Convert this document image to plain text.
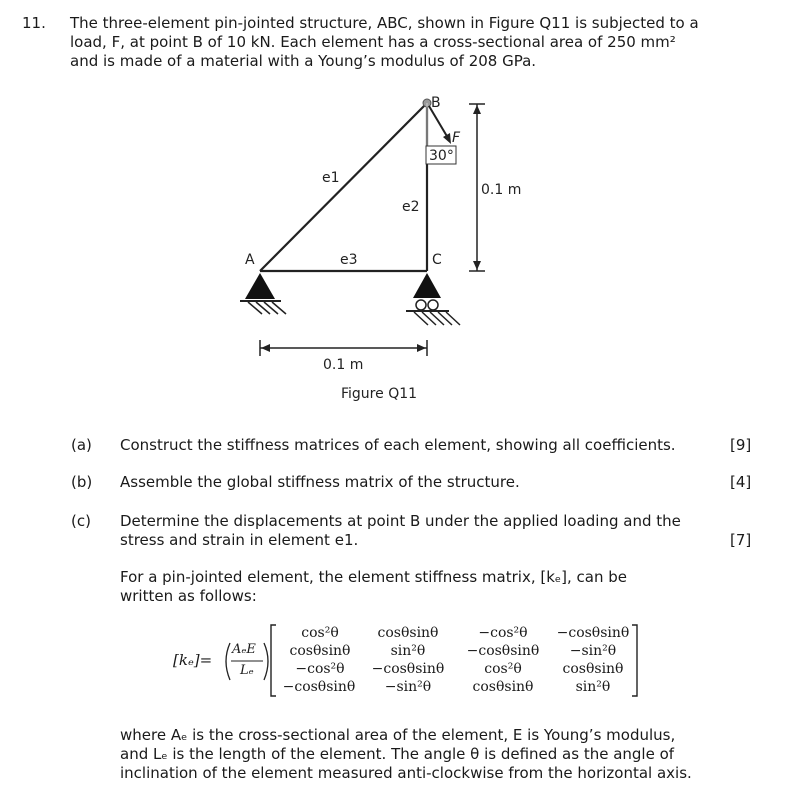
11. The three-element pin-jointed structure, ABC, shown in Figure Q11 is subjected to a
load, F, at point B of 10 kN. Each element has a cross-sectional area of 250 mm²
and is made of a material with a Young’s modulus of 208 GPa.
B
F
30°
e1
e2
e3
A	C
0.1 m
0.1 m
Figure Q11
(a) Construct the stiffness matrices of each element, showing all coefficients.	[9]
(b) Assemble the global stiffness matrix of the structure.	[4]
(c) Determine the displacements at point B under the applied loading and the
stress and strain in element e1.	[7]
For a pin-jointed element, the element stiffness matrix, [kₑ], can be
written as follows:
[kₑ]=
AₑE
Lₑ
cos²θ	cosθsinθ	−cos²θ	−cosθsinθ
cosθsinθ	sin²θ	−cosθsinθ	−sin²θ
−cos²θ	−cosθsinθ	cos²θ	cosθsinθ
−cosθsinθ	−sin²θ	cosθsinθ	sin²θ
where Aₑ is the cross-sectional area of the element, E is Young’s modulus,
and Lₑ is the length of the element. The angle θ is defined as the angle of
inclination of the element measured anti-clockwise from the horizontal axis.
